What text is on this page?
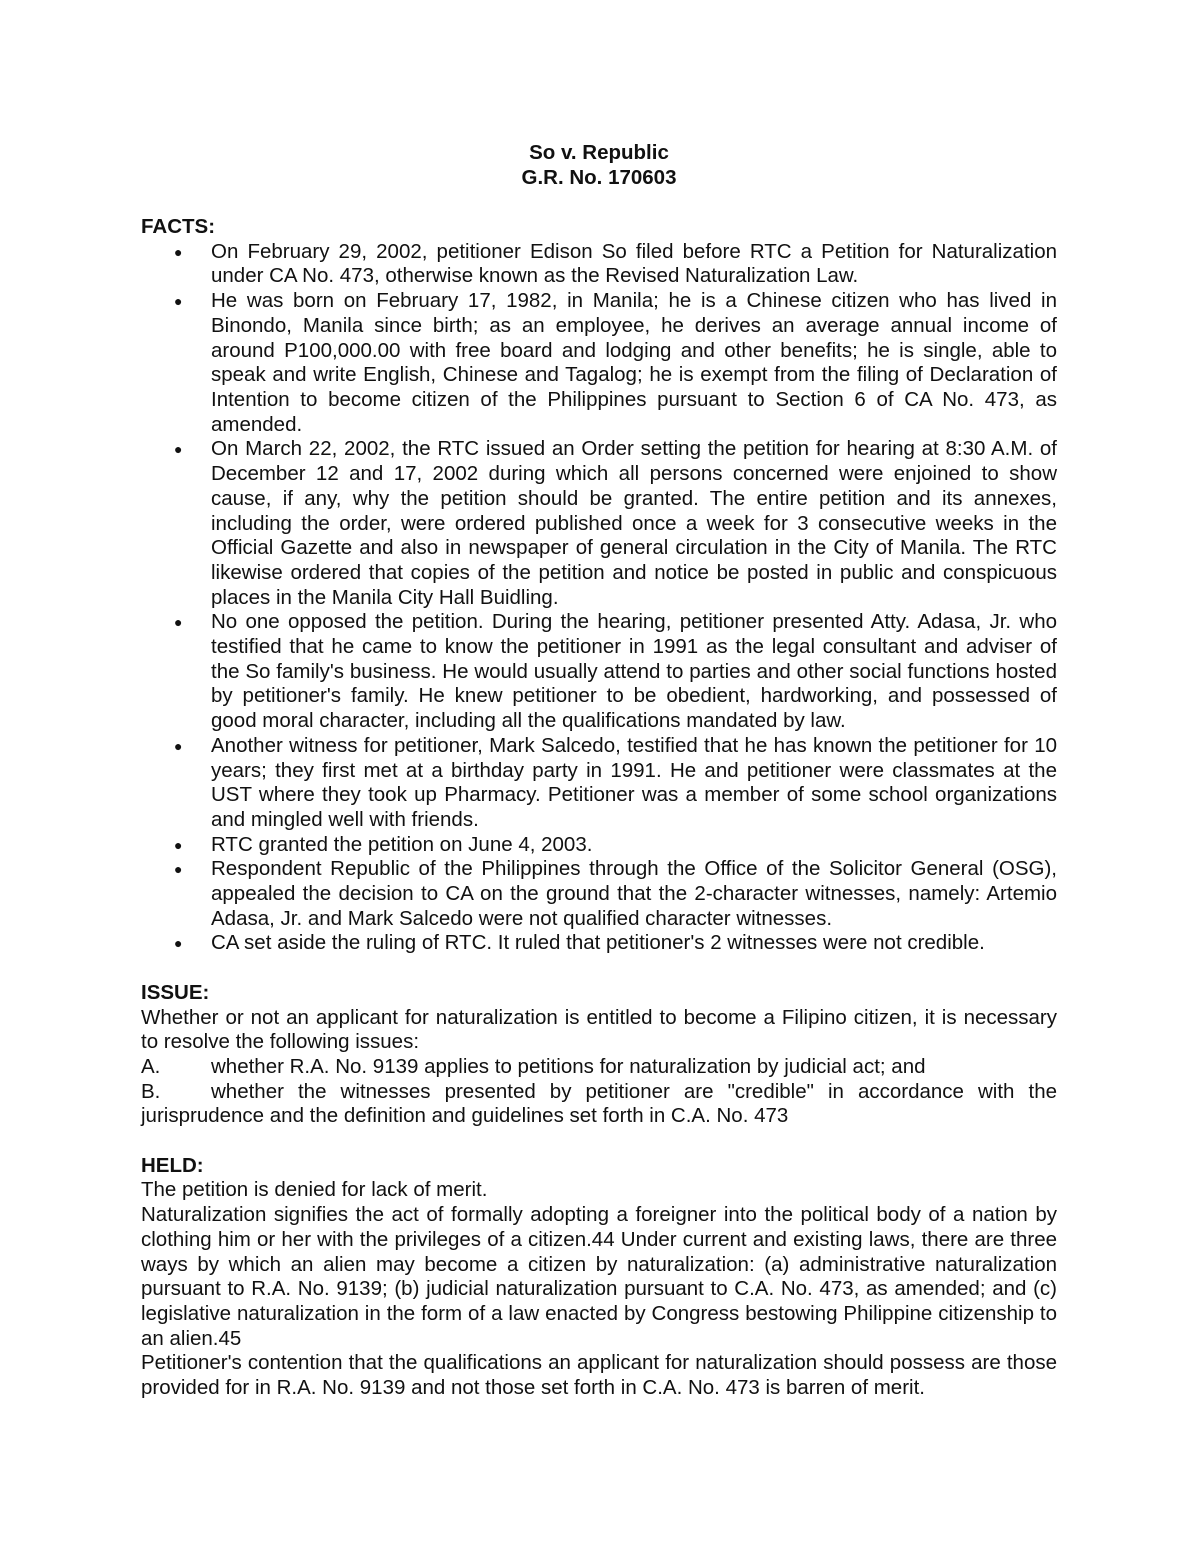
So v. Republic
G.R. No. 170603
FACTS:
● On February 29, 2002, petitioner Edison So filed before RTC a Petition for Naturalization under CA No. 473, otherwise known as the Revised Naturalization Law.
● He was born on February 17, 1982, in Manila; he is a Chinese citizen who has lived in Binondo, Manila since birth; as an employee, he derives an average annual income of around P100,000.00 with free board and lodging and other benefits; he is single, able to speak and write English, Chinese and Tagalog; he is exempt from the filing of Declaration of Intention to become citizen of the Philippines pursuant to Section 6 of CA No. 473, as amended.
● On March 22, 2002, the RTC issued an Order setting the petition for hearing at 8:30 A.M. of December 12 and 17, 2002 during which all persons concerned were enjoined to show cause, if any, why the petition should be granted. The entire petition and its annexes, including the order, were ordered published once a week for 3 consecutive weeks in the Official Gazette and also in newspaper of general circulation in the City of Manila. The RTC likewise ordered that copies of the petition and notice be posted in public and conspicuous places in the Manila City Hall Buidling.
● No one opposed the petition. During the hearing, petitioner presented Atty. Adasa, Jr. who testified that he came to know the petitioner in 1991 as the legal consultant and adviser of the So family's business. He would usually attend to parties and other social functions hosted by petitioner's family. He knew petitioner to be obedient, hardworking, and possessed of good moral character, including all the qualifications mandated by law.
● Another witness for petitioner, Mark Salcedo, testified that he has known the petitioner for 10 years; they first met at a birthday party in 1991. He and petitioner were classmates at the UST where they took up Pharmacy. Petitioner was a member of some school organizations and mingled well with friends.
● RTC granted the petition on June 4, 2003.
● Respondent Republic of the Philippines through the Office of the Solicitor General (OSG), appealed the decision to CA on the ground that the 2-character witnesses, namely: Artemio Adasa, Jr. and Mark Salcedo were not qualified character witnesses.
● CA set aside the ruling of RTC. It ruled that petitioner's 2 witnesses were not credible.
ISSUE:
Whether or not an applicant for naturalization is entitled to become a Filipino citizen, it is necessary to resolve the following issues:
A. whether R.A. No. 9139 applies to petitions for naturalization by judicial act; and
B. whether the witnesses presented by petitioner are "credible" in accordance with the jurisprudence and the definition and guidelines set forth in C.A. No. 473
HELD:
The petition is denied for lack of merit.
Naturalization signifies the act of formally adopting a foreigner into the political body of a nation by clothing him or her with the privileges of a citizen.44 Under current and existing laws, there are three ways by which an alien may become a citizen by naturalization: (a) administrative naturalization pursuant to R.A. No. 9139; (b) judicial naturalization pursuant to C.A. No. 473, as amended; and (c) legislative naturalization in the form of a law enacted by Congress bestowing Philippine citizenship to an alien.45
Petitioner's contention that the qualifications an applicant for naturalization should possess are those provided for in R.A. No. 9139 and not those set forth in C.A. No. 473 is barren of merit.
